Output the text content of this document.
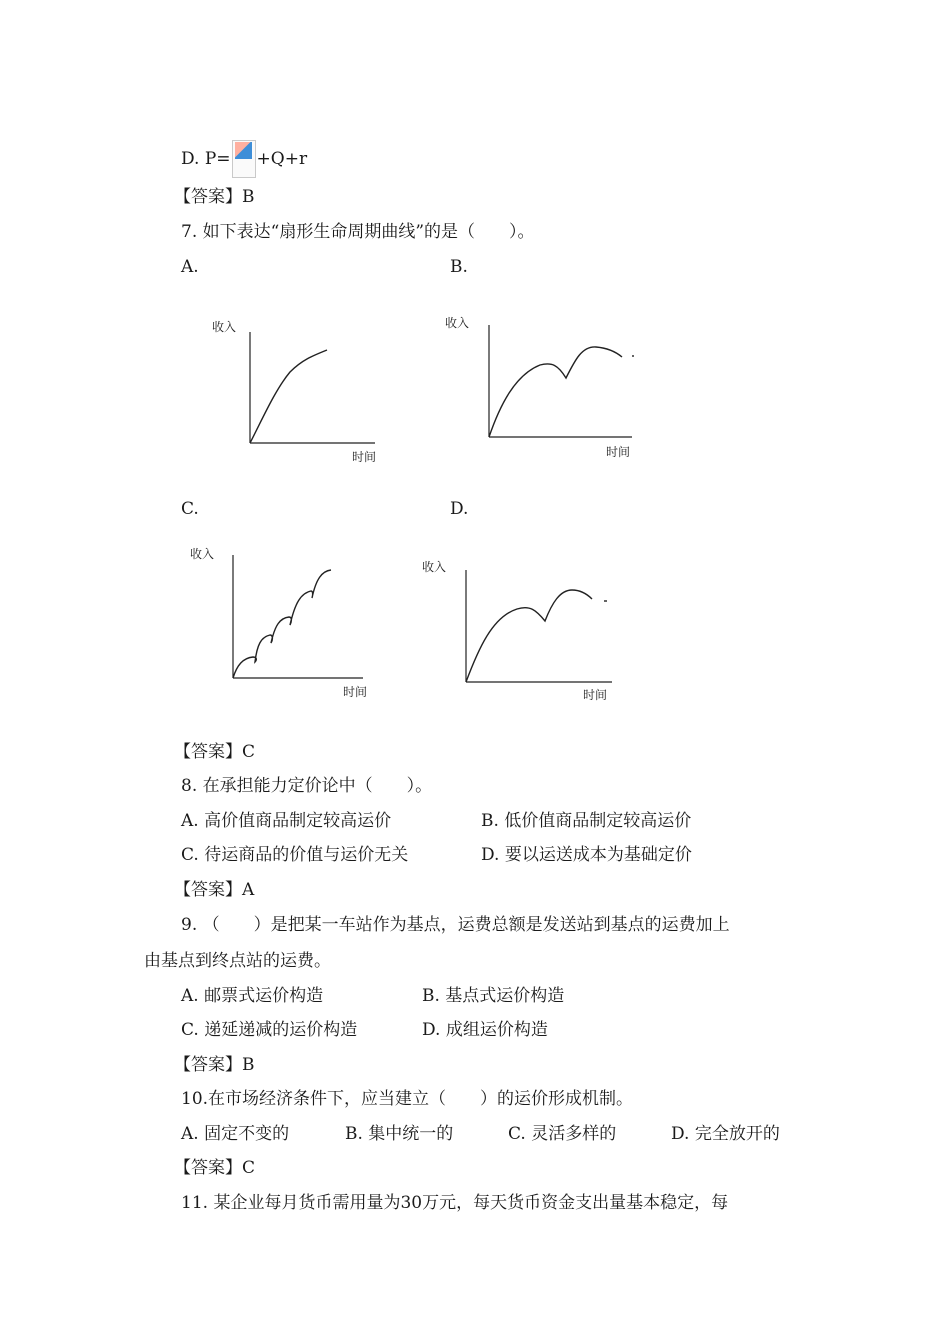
D. P= +Q+r
【答案】B
7. 如下表达“扇形生命周期曲线”的是（　　）。
A.	B.
收入
时间
收入
时间
C.	D.
收入
时间
收入
时间
【答案】C
8. 在承担能力定价论中（　　）。
A. 高价值商品制定较高运价	B. 低价值商品制定较高运价
C. 待运商品的价值与运价无关	D. 要以运送成本为基础定价
【答案】A
9. （　　）是把某一车站作为基点，运费总额是发送站到基点的运费加上
由基点到终点站的运费。
A. 邮票式运价构造	B. 基点式运价构造
C. 递延递减的运价构造	D. 成组运价构造
【答案】B
10.在市场经济条件下，应当建立（　　）的运价形成机制。
A. 固定不变的	B. 集中统一的	C. 灵活多样的	D. 完全放开的
【答案】C
11. 某企业每月货币需用量为30万元，每天货币资金支出量基本稳定，每
